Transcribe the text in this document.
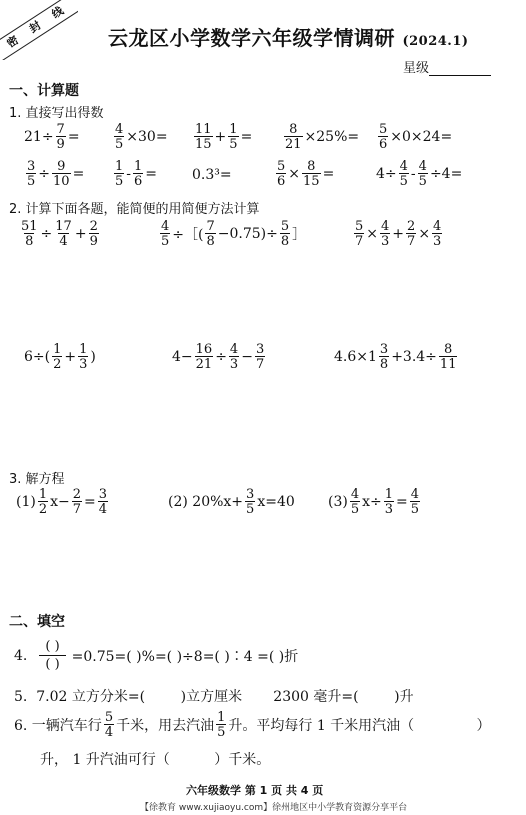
密 封 线	云龙区小学数学六年级学情调研 (2024.1)
星级
一、计算题
1. 直接写出得数
$21\div \frac{7}{9}$ =	$\frac{4}{5} \times 30= \frac{11}{15} + \frac{1}{5} = \frac{8}{21} \times 25\%= \frac{5}{6} \times 0\times 24=$
$\frac{3}{5} \div \frac{9}{10} = \frac{1}{5} - \frac{1}{6} = 0.3^3=$	$\frac{5}{6} \times \frac{8}{15}$ =	$4\div \frac{4}{5} - \frac{4}{5} \div 4=$
2. 计算下面各题，能简便的用简便方法计算
$\frac{51}{8} \div \frac{17}{4} + \frac{2}{9}$	$\frac{4}{5}$ ÷［( $\frac{7}{8} -0.75)\div \frac{5}{8}$ ］	$\frac{5}{7} \times \frac{4}{3} + \frac{2}{7} \times \frac{4}{3}$
$6\div( \frac{1}{2} + \frac{1}{3}$ )	$4- \frac{16}{21} \div \frac{4}{3} - \frac{3}{7}$	$4.6\times 1 \frac{3}{8} +3.4\div \frac{8}{11}$
3. 解方程
$(1) \frac{1}{2} x- \frac{2}{7} = \frac{3}{4}$	(2) $20\%x+ \frac{3}{5} x=40$ $(3) \frac{4}{5} x\div \frac{1}{3} = \frac{4}{5}$
二、填空
4. $\frac{( )}{( )} =0.75=$( )%=( )÷8=( )∶4 =( )折
5.  7.02 立方分米=(        )立方厘米       2300 毫升=(        )升
6. 一辆汽车行 $\frac{5}{4}$ 千米，用去汽油 $\frac{1}{5}$ 升。平均每行 1 千米用汽油（              ）
升， 1 升汽油可行（          ）千米。
六年级数学 第 1 页 共 4 页
【徐教育 www.xujiaoyu.com】徐州地区中小学教育资源分享平台
